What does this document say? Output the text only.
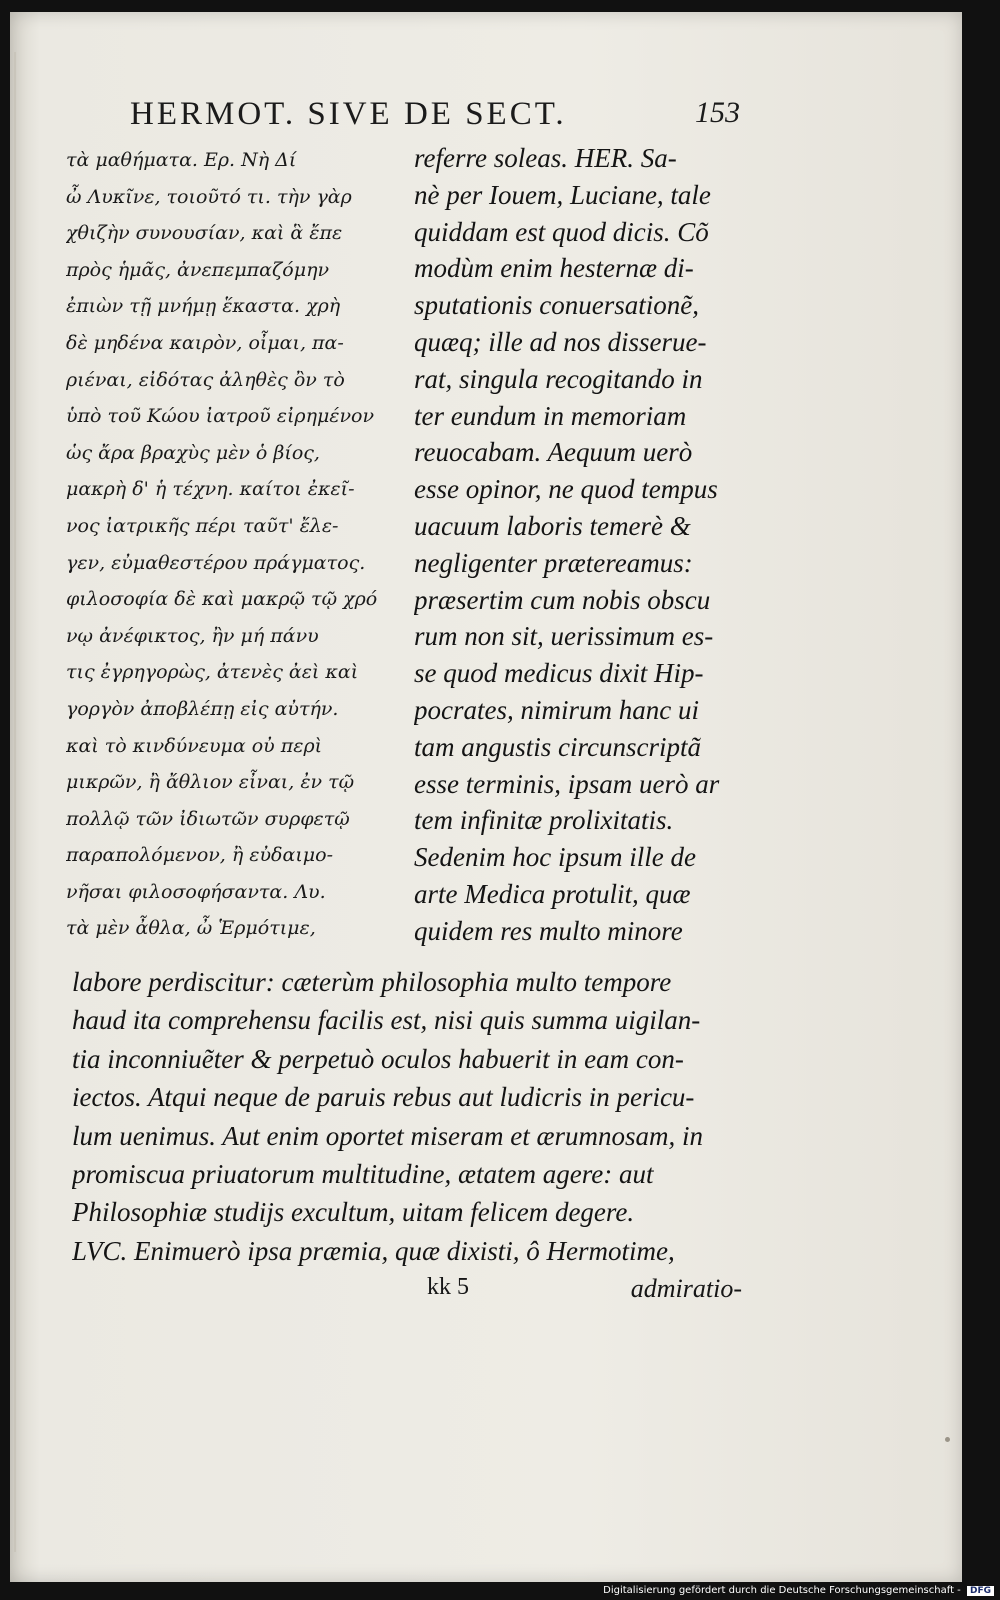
HERMOT. SIVE DE SECT.	153
τὰ μαθήματα. Ερ. Νὴ Δί
ὦ Λυκῖνε, τοιοῦτό τι. τὴν γὰρ
χθιζὴν συνουσίαν, καὶ ἃ ἔπε
πρὸς ἡμᾶς, ἀνεπεμπαζόμην
ἐπιὼν τῇ μνήμῃ ἕκαστα. χρὴ
δὲ μηδένα καιρὸν, οἶμαι, πα-
ριέναι, εἰδότας ἀληθὲς ὂν τὸ
ὑπὸ τοῦ Κώου ἰατροῦ εἰρημένον
ὡς ἄρα βραχὺς μὲν ὁ βίος,
μακρὴ δ' ἡ τέχνη. καίτοι ἐκεῖ-
νος ἰατρικῆς πέρι ταῦτ' ἔλε-
γεν, εὐμαθεστέρου πράγματος.
φιλοσοφία δὲ καὶ μακρῷ τῷ χρό
νῳ ἀνέφικτος, ἢν μή πάνυ
τις ἐγρηγορὼς, ἀτενὲς ἀεὶ καὶ
γοργὸν ἀποβλέπῃ εἰς αὐτήν.
καὶ τὸ κινδύνευμα οὐ περὶ
μικρῶν, ἢ ἄθλιον εἶναι, ἐν τῷ
πολλῷ τῶν ἰδιωτῶν συρφετῷ
παραπολόμενον, ἢ εὐδαιμο-
νῆσαι φιλοσοφήσαντα. Λυ.
τὰ μὲν ἆθλα, ὦ Ἑρμότιμε,
referre soleas. HER. Sa-
nè per Iouem, Luciane, tale
quiddam est quod dicis. Cõ
modùm enim hesternæ di-
sputationis conuersationẽ,
quæq; ille ad nos disserue-
rat, singula recogitando in
ter eundum in memoriam
reuocabam. Aequum uerò
esse opinor, ne quod tempus
uacuum laboris temerè &
negligenter prætereamus:
præsertim cum nobis obscu
rum non sit, uerissimum es-
se quod medicus dixit Hip-
pocrates, nimirum hanc ui
tam angustis circunscriptã
esse terminis, ipsam uerò ar
tem infinitæ prolixitatis.
Sedenim hoc ipsum ille de
arte Medica protulit, quæ
quidem res multo minore
labore perdiscitur: cæterùm philosophia multo tempore
haud ita comprehensu facilis est, nisi quis summa uigilan-
tia inconniuẽter & perpetuò oculos habuerit in eam con-
iectos. Atqui neque de paruis rebus aut ludicris in pericu-
lum uenimus. Aut enim oportet miseram et ærumnosam, in
promiscua priuatorum multitudine, ætatem agere: aut
Philosophiæ studijs excultum, uitam felicem degere.
LVC. Enimuerò ipsa præmia, quæ dixisti, ô Hermotime,
kk 5	admiratio-
Digitalisierung gefördert durch die Deutsche Forschungsgemeinschaft - DFG
